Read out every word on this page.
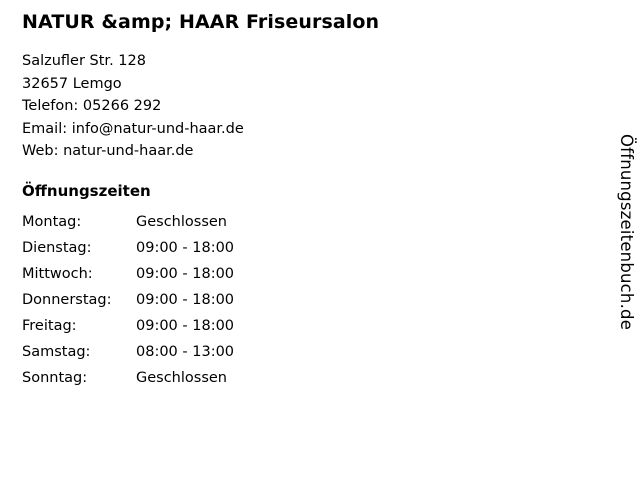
NATUR &amp; HAAR Friseursalon

Salzufler Str. 128

32657 Lemgo

Telefon: 05266 292

Email: info@natur-und-haar.de

Web: natur-und-haar.de

Öffnungszeiten
Montag:	Geschlossen
Dienstag:	09:00 - 18:00
Mittwoch:	09:00 - 18:00
Donnerstag:	09:00 - 18:00
Freitag:	09:00 - 18:00
Samstag:	08:00 - 13:00
Sonntag:	Geschlossen
Öffnungszeitenbuch.de
